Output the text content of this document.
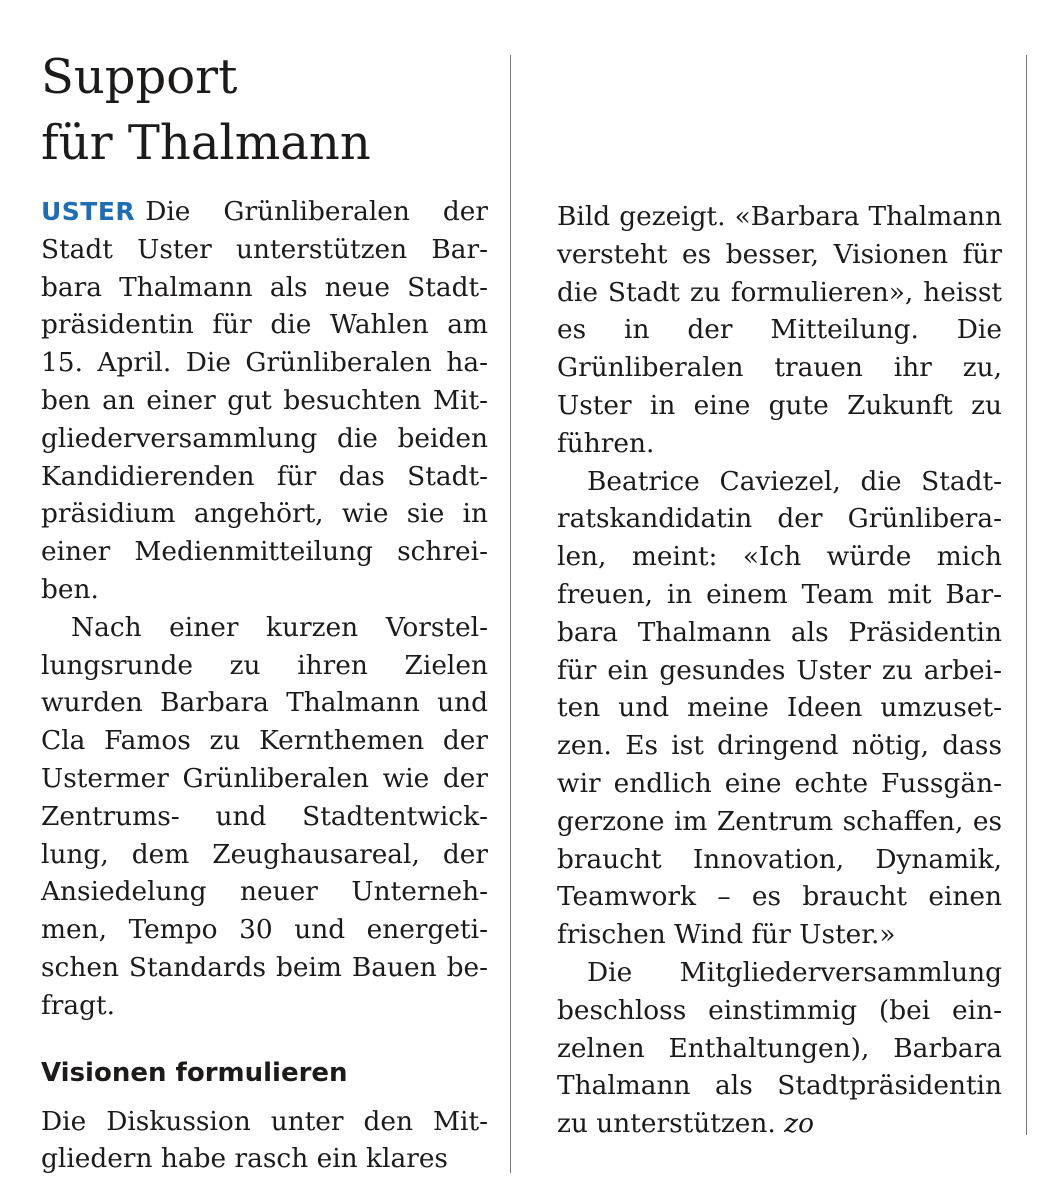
Support
für Thalmann

USTER Die Grünliberalen der Stadt Uster unterstützen Barbara Thalmann als neue Stadtpräsidentin für die Wahlen am 15. April. Die Grünliberalen haben an einer gut besuchten Mitgliederversammlung die beiden Kandidierenden für das Stadtpräsidium angehört, wie sie in einer Medienmitteilung schreiben.

Nach einer kurzen Vorstellungsrunde zu ihren Zielen wurden Barbara Thalmann und Cla Famos zu Kernthemen der Ustermer Grünliberalen wie der Zentrums- und Stadtentwicklung, dem Zeughausareal, der Ansiedelung neuer Unternehmen, Tempo 30 und energetischen Standards beim Bauen befragt.

Visionen formulieren

Die Diskussion unter den Mitgliedern habe rasch ein klares

Bild gezeigt. «Barbara Thalmann versteht es besser, Visionen für die Stadt zu formulieren», heisst es in der Mitteilung. Die Grünliberalen trauen ihr zu, Uster in eine gute Zukunft zu führen.

Beatrice Caviezel, die Stadtratskandidatin der Grünliberalen, meint: «Ich würde mich freuen, in einem Team mit Barbara Thalmann als Präsidentin für ein gesundes Uster zu arbeiten und meine Ideen umzusetzen. Es ist dringend nötig, dass wir endlich eine echte Fussgängerzone im Zentrum schaffen, es braucht Innovation, Dynamik, Teamwork – es braucht einen frischen Wind für Uster.»

Die Mitgliederversammlung beschloss einstimmig (bei einzelnen Enthaltungen), Barbara Thalmann als Stadtpräsidentin zu unterstützen. zo
